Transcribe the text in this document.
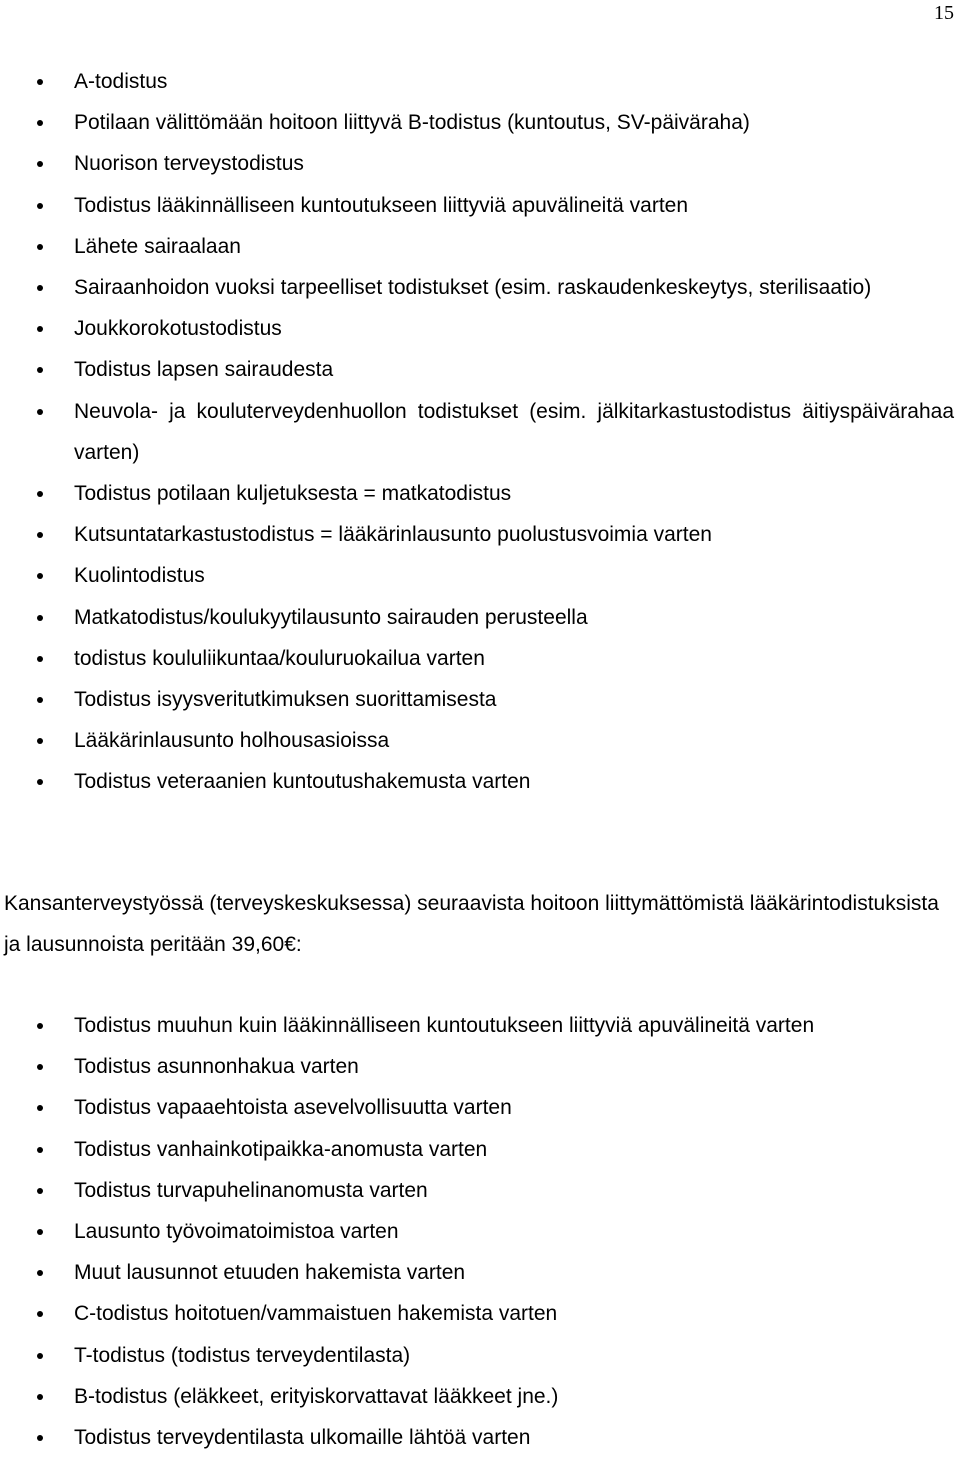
15
A-todistus
Potilaan välittömään hoitoon liittyvä B-todistus (kuntoutus, SV-päiväraha)
Nuorison terveystodistus
Todistus lääkinnälliseen kuntoutukseen liittyviä apuvälineitä varten
Lähete sairaalaan
Sairaanhoidon vuoksi tarpeelliset todistukset (esim. raskaudenkeskeytys, sterilisaatio)
Joukkorokotustodistus
Todistus lapsen sairaudesta
Neuvola- ja kouluterveydenhuollon todistukset (esim. jälkitarkastustodistus äitiyspäivärahaa varten)
Todistus potilaan kuljetuksesta = matkatodistus
Kutsuntatarkastustodistus = lääkärinlausunto puolustusvoimia varten
Kuolintodistus
Matkatodistus/koulukyytilausunto sairauden perusteella
todistus koululiikuntaa/kouluruokailua varten
Todistus isyysveritutkimuksen suorittamisesta
Lääkärinlausunto holhousasioissa
Todistus veteraanien kuntoutushakemusta varten

Kansanterveystyössä (terveyskeskuksessa) seuraavista hoitoon liittymättömistä lääkärintodistuksista ja lausunnoista peritään 39,60€:

Todistus muuhun kuin lääkinnälliseen kuntoutukseen liittyviä apuvälineitä varten
Todistus asunnonhakua varten
Todistus vapaaehtoista asevelvollisuutta varten
Todistus vanhainkotipaikka-anomusta varten
Todistus turvapuhelinanomusta varten
Lausunto työvoimatoimistoa varten
Muut lausunnot etuuden hakemista varten
C-todistus hoitotuen/vammaistuen hakemista varten
T-todistus (todistus terveydentilasta)
B-todistus (eläkkeet, erityiskorvattavat lääkkeet jne.)
Todistus terveydentilasta ulkomaille lähtöä varten
